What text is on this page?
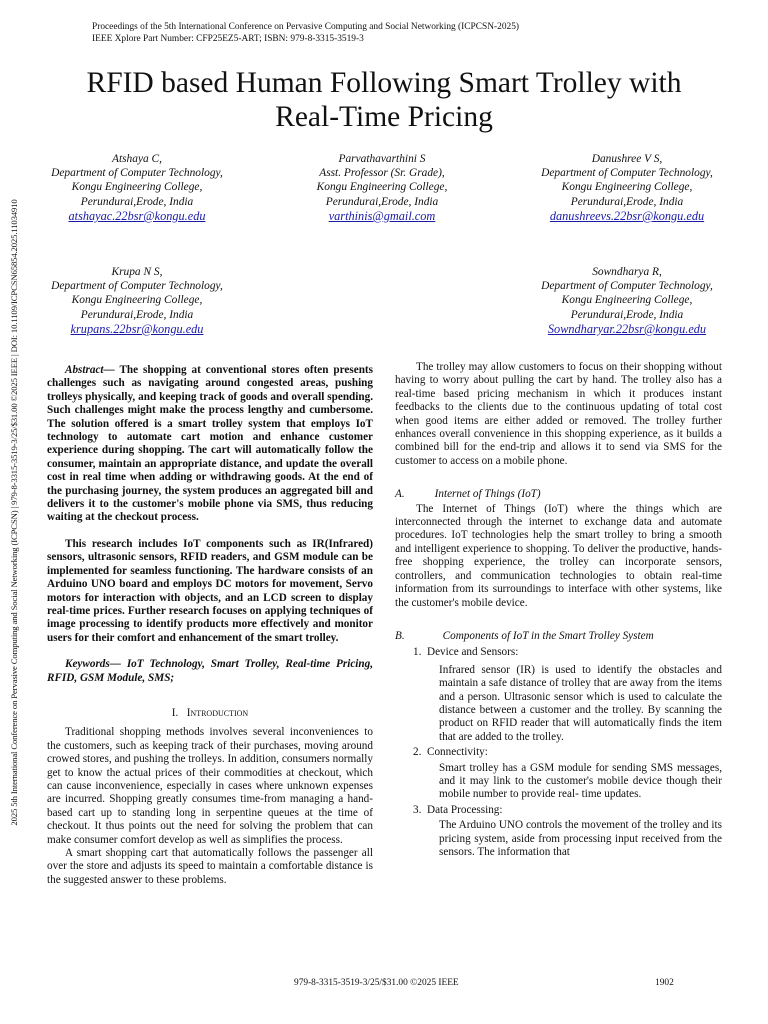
Proceedings of the 5th International Conference on Pervasive Computing and Social Networking (ICPCSN-2025)
IEEE Xplore Part Number: CFP25EZ5-ART; ISBN: 979-8-3315-3519-3
RFID based Human Following Smart Trolley with
Real-Time Pricing
2025 5th International Conference on Pervasive Computing and Social Networking (ICPCSN) | 979-8-3315-3519-3/25/$31.00 ©2025 IEEE | DOI: 10.1109/ICPCSN65854.2025.11034910
Atshaya C,
Department of Computer Technology,
Kongu Engineering College,
Perundurai,Erode, India
atshayac.22bsr@kongu.edu
Parvathavarthini S
Asst. Professor (Sr. Grade),
Kongu Engineering College,
Perundurai,Erode, India
varthinis@gmail.com
Danushree V S,
Department of Computer Technology,
Kongu Engineering College,
Perundurai,Erode, India
danushreevs.22bsr@kongu.edu
Krupa N S,
Department of Computer Technology,
Kongu Engineering College,
Perundurai,Erode, India
krupans.22bsr@kongu.edu
Sowndharya R,
Department of Computer Technology,
Kongu Engineering College,
Perundurai,Erode, India
Sowndharyar.22bsr@kongu.edu

Abstract— The shopping at conventional stores often presents challenges such as navigating around congested areas, pushing trolleys physically, and keeping track of goods and overall spending. Such challenges might make the process lengthy and cumbersome. The solution offered is a smart trolley system that employs IoT technology to automate cart motion and enhance customer experience during shopping. The cart will automatically follow the consumer, maintain an appropriate distance, and update the overall cost in real time when adding or withdrawing goods. At the end of the purchasing journey, the system produces an aggregated bill and delivers it to the customer's mobile phone via SMS, thus reducing waiting at the checkout process.

This research includes IoT components such as IR(Infrared) sensors, ultrasonic sensors, RFID readers, and GSM module can be implemented for seamless functioning. The hardware consists of an Arduino UNO board and employs DC motors for movement, Servo motors for interaction with objects, and an LCD screen to display real-time prices. Further research focuses on applying techniques of image processing to identify products more effectively and monitor users for their comfort and enhancement of the smart trolley.

Keywords— IoT Technology, Smart Trolley, Real-time Pricing, RFID, GSM Module, SMS;

I. Introduction

Traditional shopping methods involves several inconveniences to the customers, such as keeping track of their purchases, moving around crowed stores, and pushing the trolleys. In addition, consumers normally get to know the actual prices of their commodities at checkout, which can cause inconvenience, especially in cases where unknown expenses are incurred. Shopping greatly consumes time-from managing a hand-based cart up to standing long in serpentine queues at the time of checkout. It thus points out the need for solving the problem that can make consumer comfort develop as well as simplifies the process.

A smart shopping cart that automatically follows the passenger all over the store and adjusts its speed to maintain a comfortable distance is the suggested answer to these problems.

The trolley may allow customers to focus on their shopping without having to worry about pulling the cart by hand. The trolley also has a real-time based pricing mechanism in which it produces instant feedbacks to the clients due to the continuous updating of total cost when good items are either added or removed. The trolley further enhances overall convenience in this shopping experience, as it builds a combined bill for the end-trip and allows it to send via SMS for the customer to access on a mobile phone.

A.	Internet of Things (IoT)

The Internet of Things (IoT) where the things which are interconnected through the internet to exchange data and automate procedures. IoT technologies help the smart trolley to bring a smooth and intelligent experience to shopping. To deliver the productive, hands-free shopping experience, the trolley can incorporate sensors, controllers, and communication technologies to obtain real-time information from its surroundings to interface with other systems, like the customer's mobile device.

B.	Components of IoT in the Smart Trolley System

1. Device and Sensors:

Infrared sensor (IR) is used to identify the obstacles and maintain a safe distance of trolley that are away from the items and a person. Ultrasonic sensor which is used to calculate the distance between a customer and the trolley. By scanning the product on RFID reader that will automatically finds the item that are added to the trolley.

2. Connectivity:

Smart trolley has a GSM module for sending SMS messages, and it may link to the customer's mobile device though their mobile number to provide real- time updates.

3. Data Processing:

The Arduino UNO controls the movement of the trolley and its pricing system, aside from processing input received from the sensors. The information that

979-8-3315-3519-3/25/$31.00 ©2025 IEEE	1902
